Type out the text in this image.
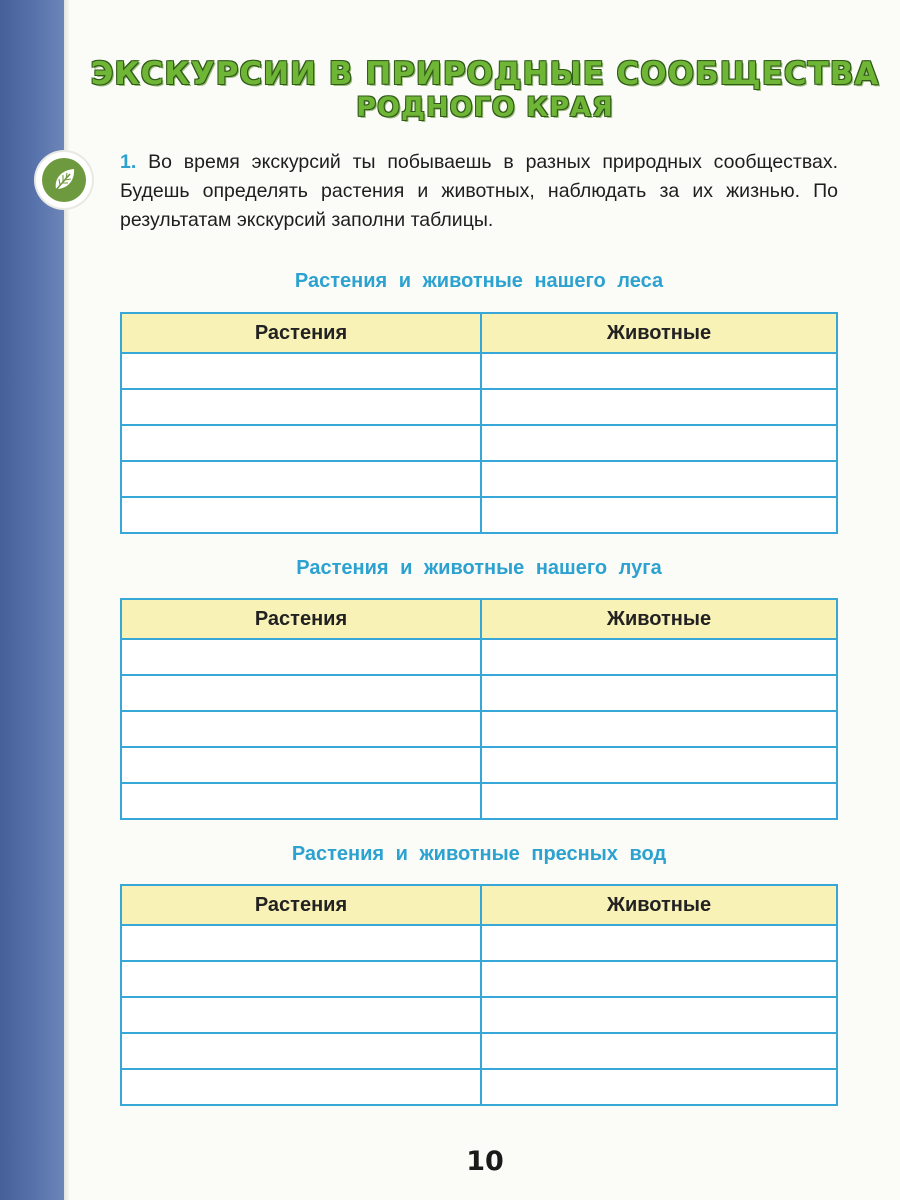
ЭКСКУРСИИ В ПРИРОДНЫЕ СООБЩЕСТВА
РОДНОГО КРАЯ
1. Во время экскурсий ты побываешь в разных природных сообществах. Будешь определять растения и животных, наблюдать за их жизнью. По результатам экскурсий заполни таблицы.
Растения и животные нашего леса
Растения	Животные

Растения и животные нашего луга
Растения	Животные

Растения и животные пресных вод
Растения	Животные

10
